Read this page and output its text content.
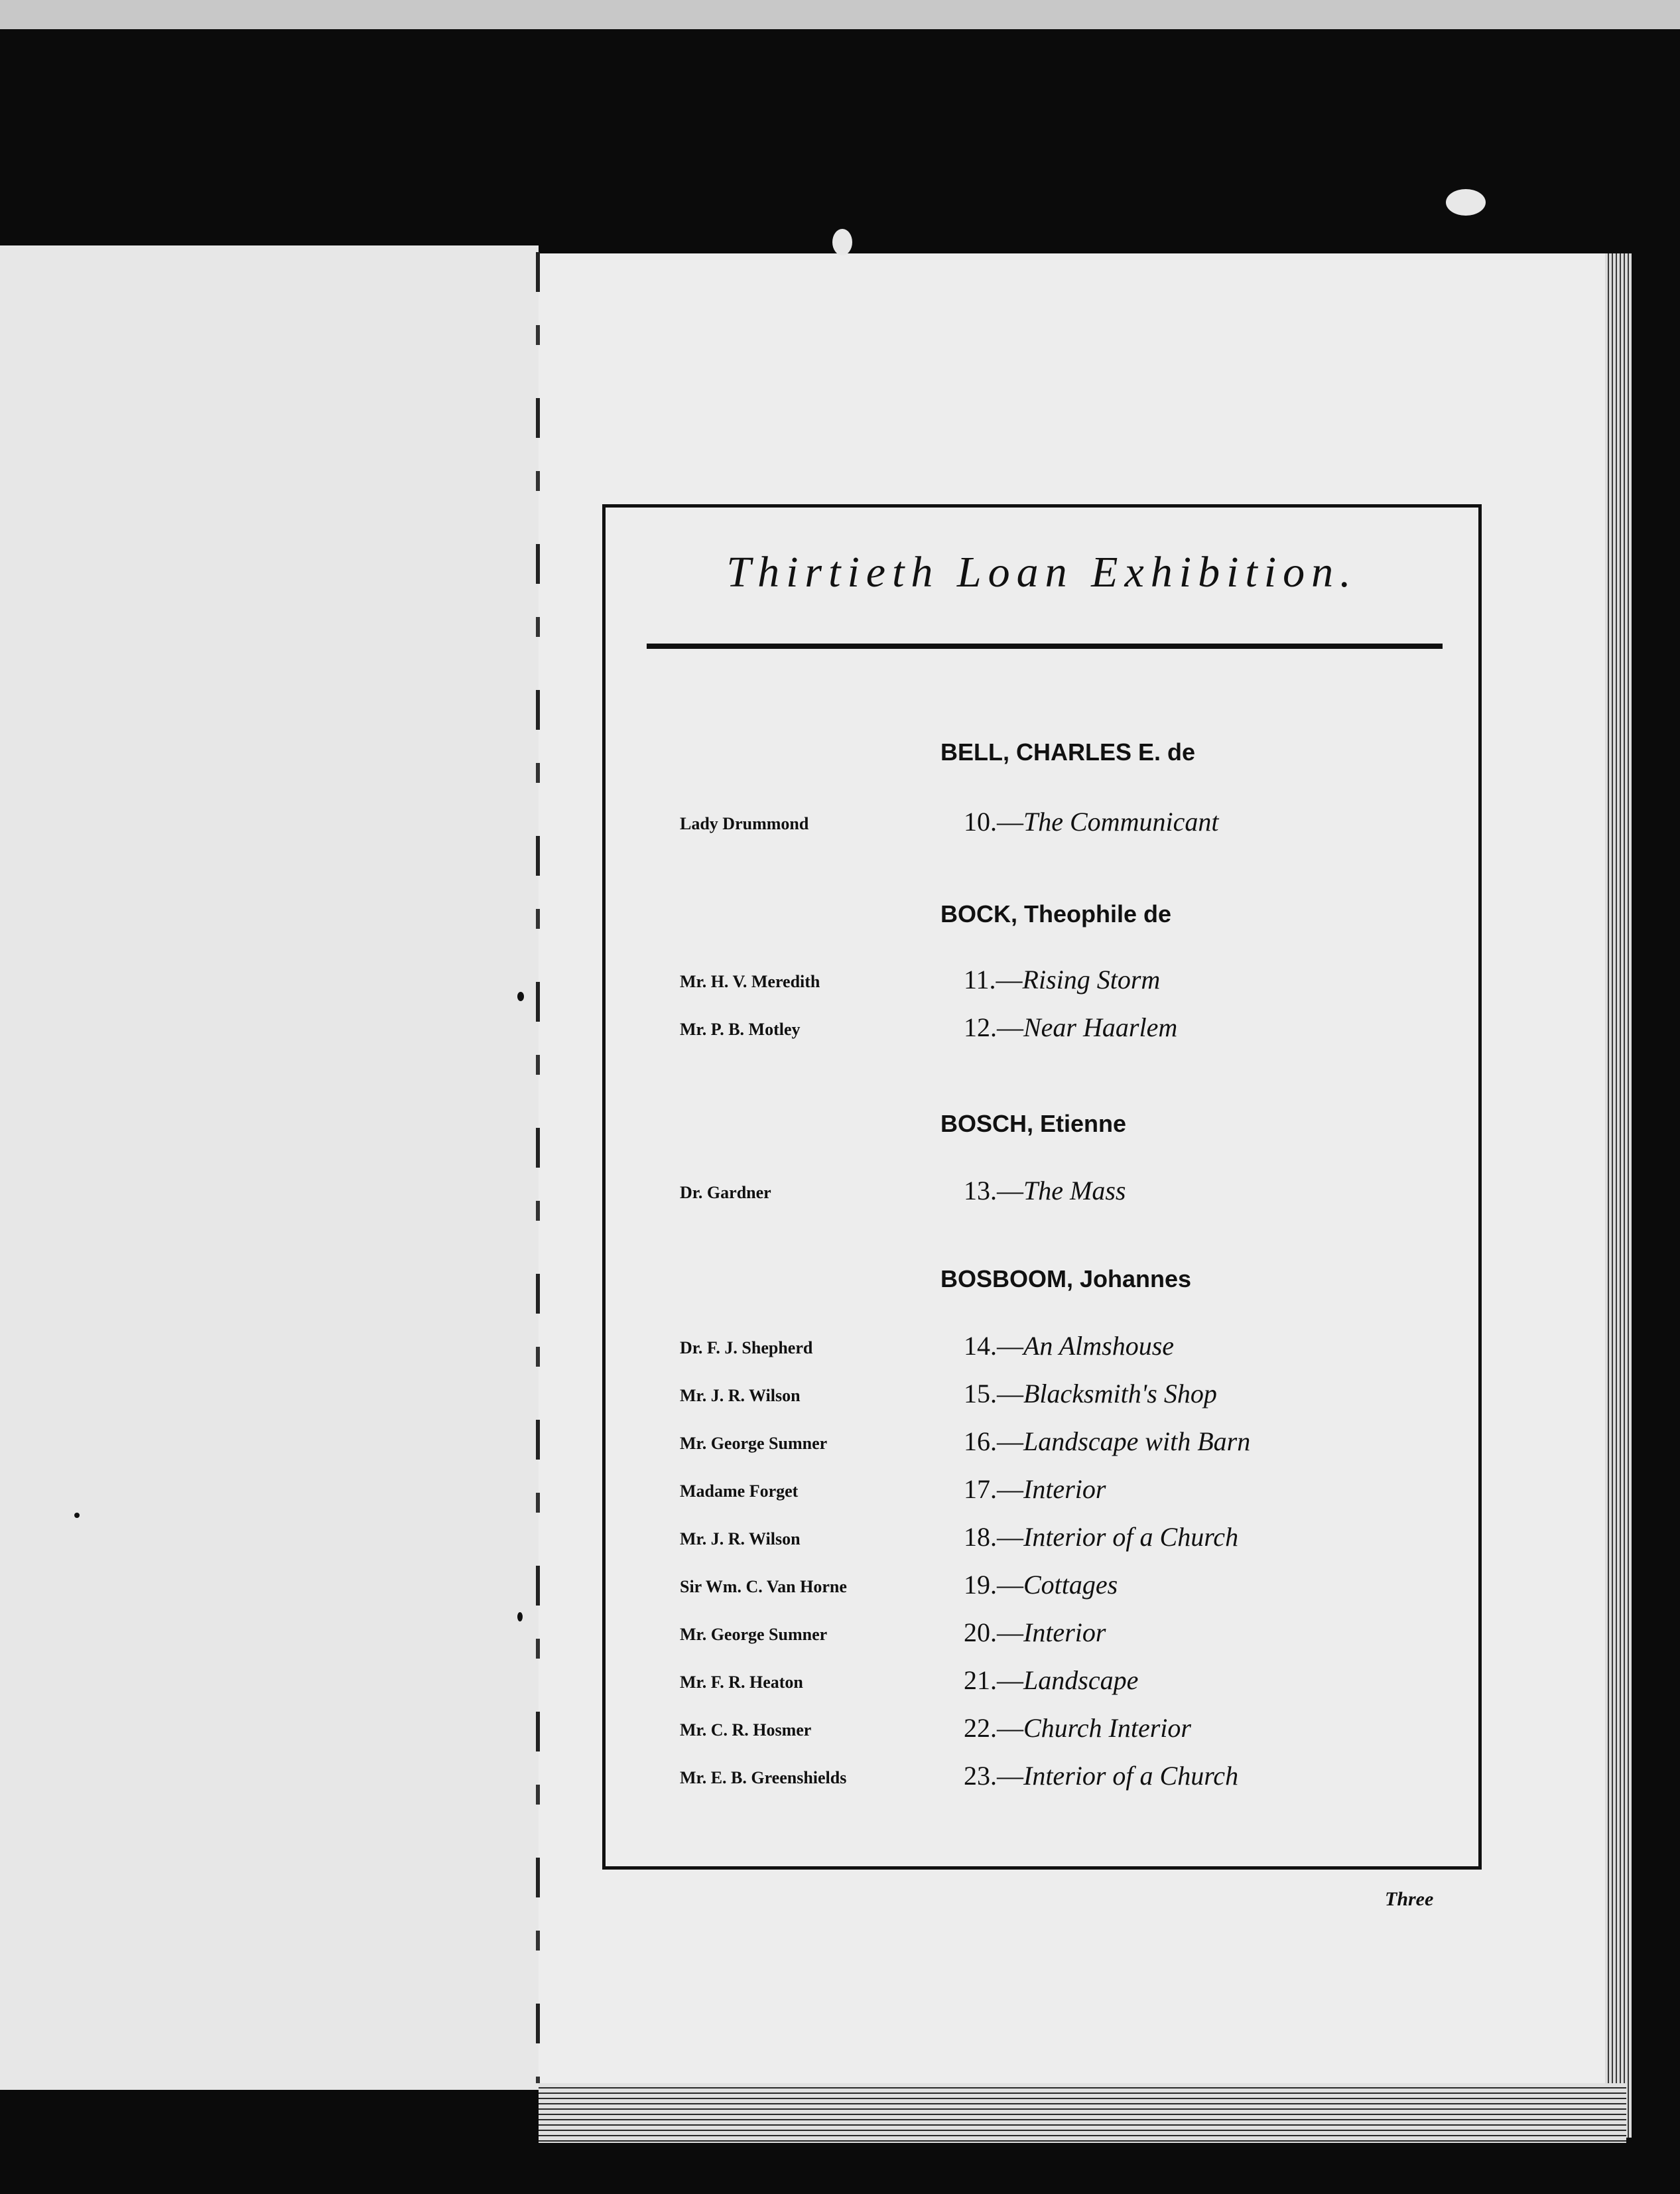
Thirtieth Loan Exhibition.
BELL, CHARLES E. de
Lady Drummond	10.—The Communicant
BOCK, Theophile de
Mr. H. V. Meredith	11.—Rising Storm
Mr. P. B. Motley	12.—Near Haarlem
BOSCH, Etienne
Dr. Gardner	13.—The Mass
BOSBOOM, Johannes
Dr. F. J. Shepherd	14.—An Almshouse
Mr. J. R. Wilson	15.—Blacksmith's Shop
Mr. George Sumner	16.—Landscape with Barn
Madame Forget	17.—Interior
Mr. J. R. Wilson	18.—Interior of a Church
Sir Wm. C. Van Horne	19.—Cottages
Mr. George Sumner	20.—Interior
Mr. F. R. Heaton	21.—Landscape
Mr. C. R. Hosmer	22.—Church Interior
Mr. E. B. Greenshields	23.—Interior of a Church
Three
